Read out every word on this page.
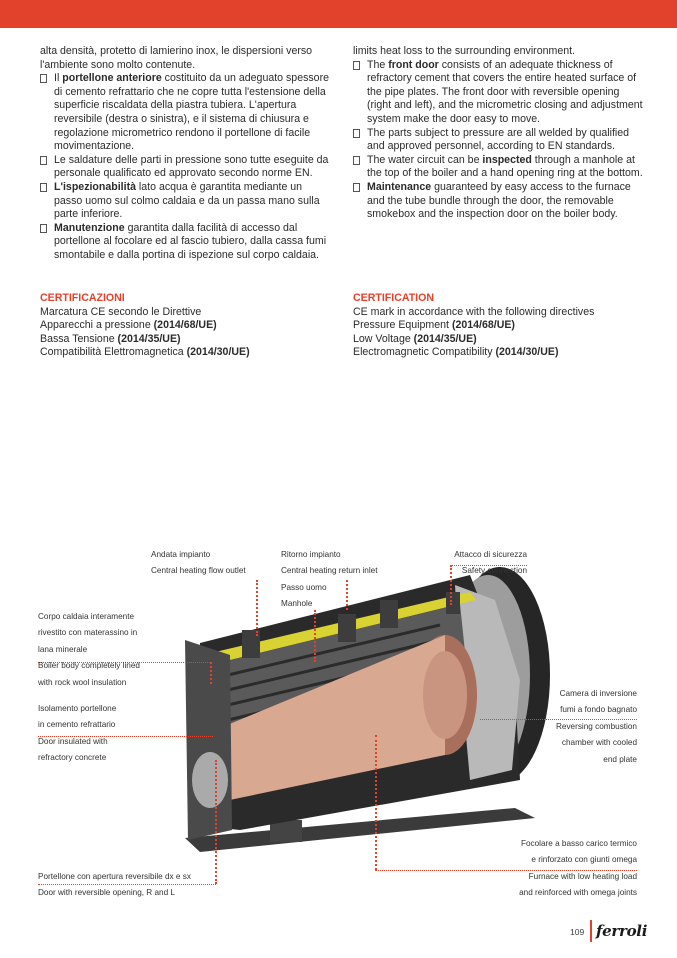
alta densità, protetto di lamierino inox, le dispersioni verso l'ambiente sono molto contenute.
Il portellone anteriore costituito da un adeguato spessore di cemento refrattario che ne copre tutta l'estensione della superficie riscaldata della piastra tubiera. L'apertura reversibile (destra o sinistra), e il sistema di chiusura e regolazione micrometrico rendono il portellone di facile movimentazione.
Le saldature delle parti in pressione sono tutte eseguite da personale qualificato ed approvato secondo norme EN.
L'ispezionabilità lato acqua è garantita mediante un passo uomo sul colmo caldaia e da un passa mano sulla parte inferiore.
Manutenzione garantita dalla facilità di accesso dal portellone al focolare ed al fascio tubiero, dalla cassa fumi smontabile e dalla portina di ispezione sul corpo caldaia.
limits heat loss to the surrounding environment.
The front door consists of an adequate thickness of refractory cement that covers the entire heated surface of the pipe plates. The front door with reversible opening (right and left), and the micrometric closing and adjustment system make the door easy to move.
The parts subject to pressure are all welded by qualified and approved personnel, according to EN standards.
The water circuit can be inspected through a manhole at the top of the boiler and a hand opening ring at the bottom.
Maintenance guaranteed by easy access to the furnace and the tube bundle through the door, the removable smokebox and the inspection door on the boiler body.
CERTIFICAZIONI
Marcatura CE secondo le Direttive
Apparecchi a pressione (2014/68/UE)
Bassa Tensione (2014/35/UE)
Compatibilità Elettromagnetica (2014/30/UE)
CERTIFICATION
CE mark in accordance with the following directives
Pressure Equipment (2014/68/UE)
Low Voltage (2014/35/UE)
Electromagnetic Compatibility (2014/30/UE)
Andata impianto
Central heating flow outlet
Ritorno impianto
Central heating return inlet
Passo uomo
Manhole
Attacco di sicurezza
Safety connection
Corpo caldaia interamente
rivestito con materassino in
lana minerale
Boiler body completely lined
with rock wool insulation
Isolamento portellone
in cemento refrattario
Door insulated with
refractory concrete
Camera di inversione
fumi a fondo bagnato
Reversing combustion
chamber with cooled
end plate
Focolare a basso carico termico
e rinforzato con giunti omega
Furnace with low heating load
and reinforced with omega joints
Portellone con apertura reversibile dx e sx
Door with reversible opening, R and L
109 ferroli
